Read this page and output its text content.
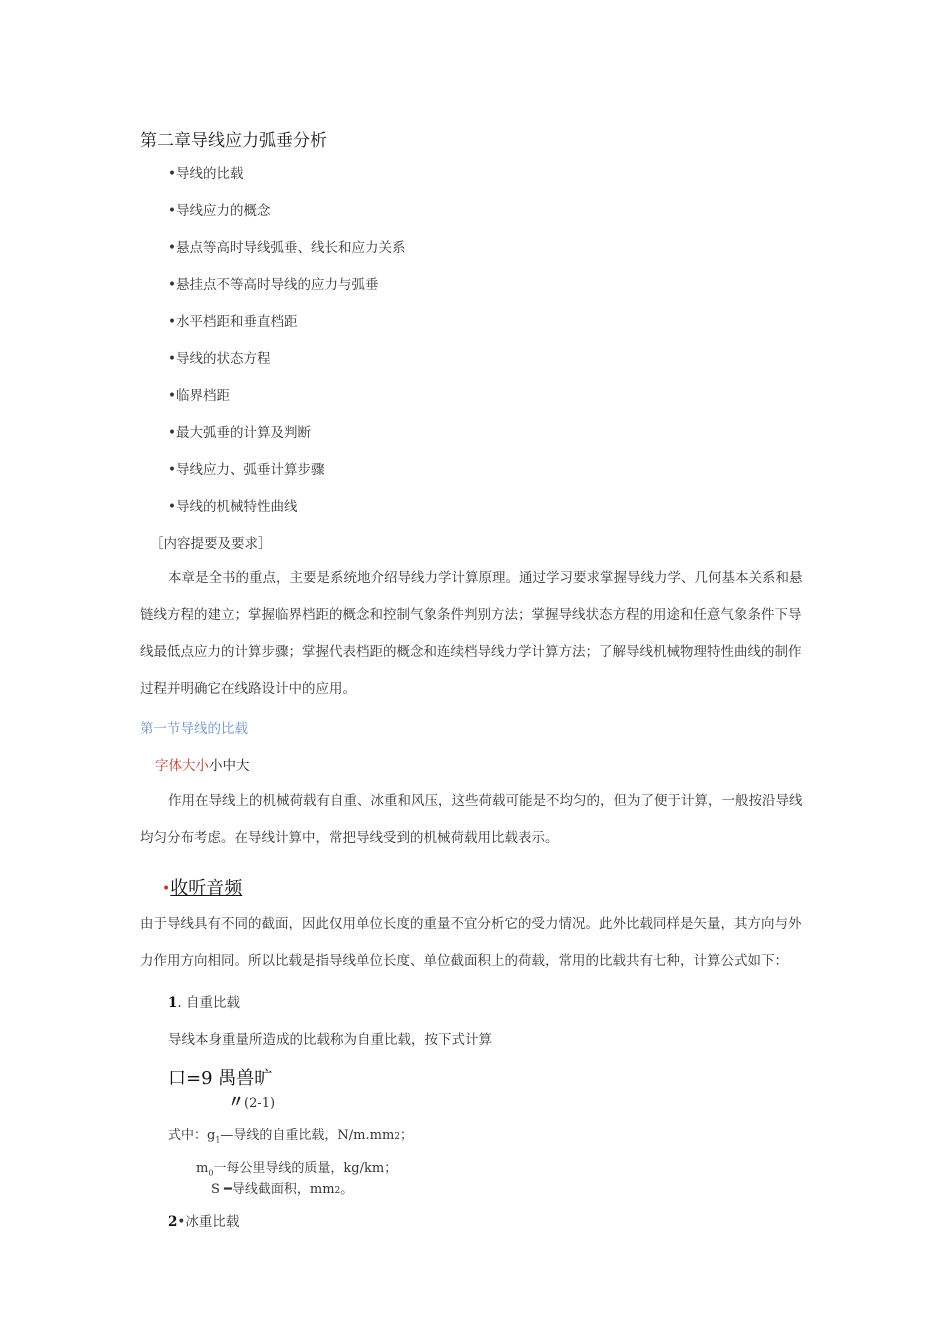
第二章导线应力弧垂分析
•导线的比载
•导线应力的概念
•悬点等高时导线弧垂、线长和应力关系
•悬挂点不等高时导线的应力与弧垂
•水平档距和垂直档距
•导线的状态方程
•临界档距
•最大弧垂的计算及判断
•导线应力、弧垂计算步骤
•导线的机械特性曲线
［内容提要及要求］
本章是全书的重点，主要是系统地介绍导线力学计算原理。通过学习要求掌握导线力学、几何基本关系和悬链线方程的建立；掌握临界档距的概念和控制气象条件判别方法；掌握导线状态方程的用途和任意气象条件下导线最低点应力的计算步骤；掌握代表档距的概念和连续档导线力学计算方法；了解导线机械物理特性曲线的制作过程并明确它在线路设计中的应用。
第一节导线的比载
字体大小小中大
作用在导线上的机械荷载有自重、冰重和风压，这些荷载可能是不均匀的，但为了便于计算，一般按沿导线均匀分布考虑。在导线计算中，常把导线受到的机械荷载用比载表示。
•收听音频
由于导线具有不同的截面，因此仅用单位长度的重量不宜分析它的受力情况。此外比载同样是矢量，其方向与外力作用方向相同。所以比载是指导线单位长度、单位截面积上的荷载，常用的比载共有七种，计算公式如下：
1. 自重比载
导线本身重量所造成的比载称为自重比载，按下式计算
口=9 禺兽旷
〃(2-1)
式中：$g_1—$导线的自重比载，N/m.mm2；
$m_0$一每公里导线的质量，kg/km；
S ━导线截面积，mm2。
2•冰重比载
